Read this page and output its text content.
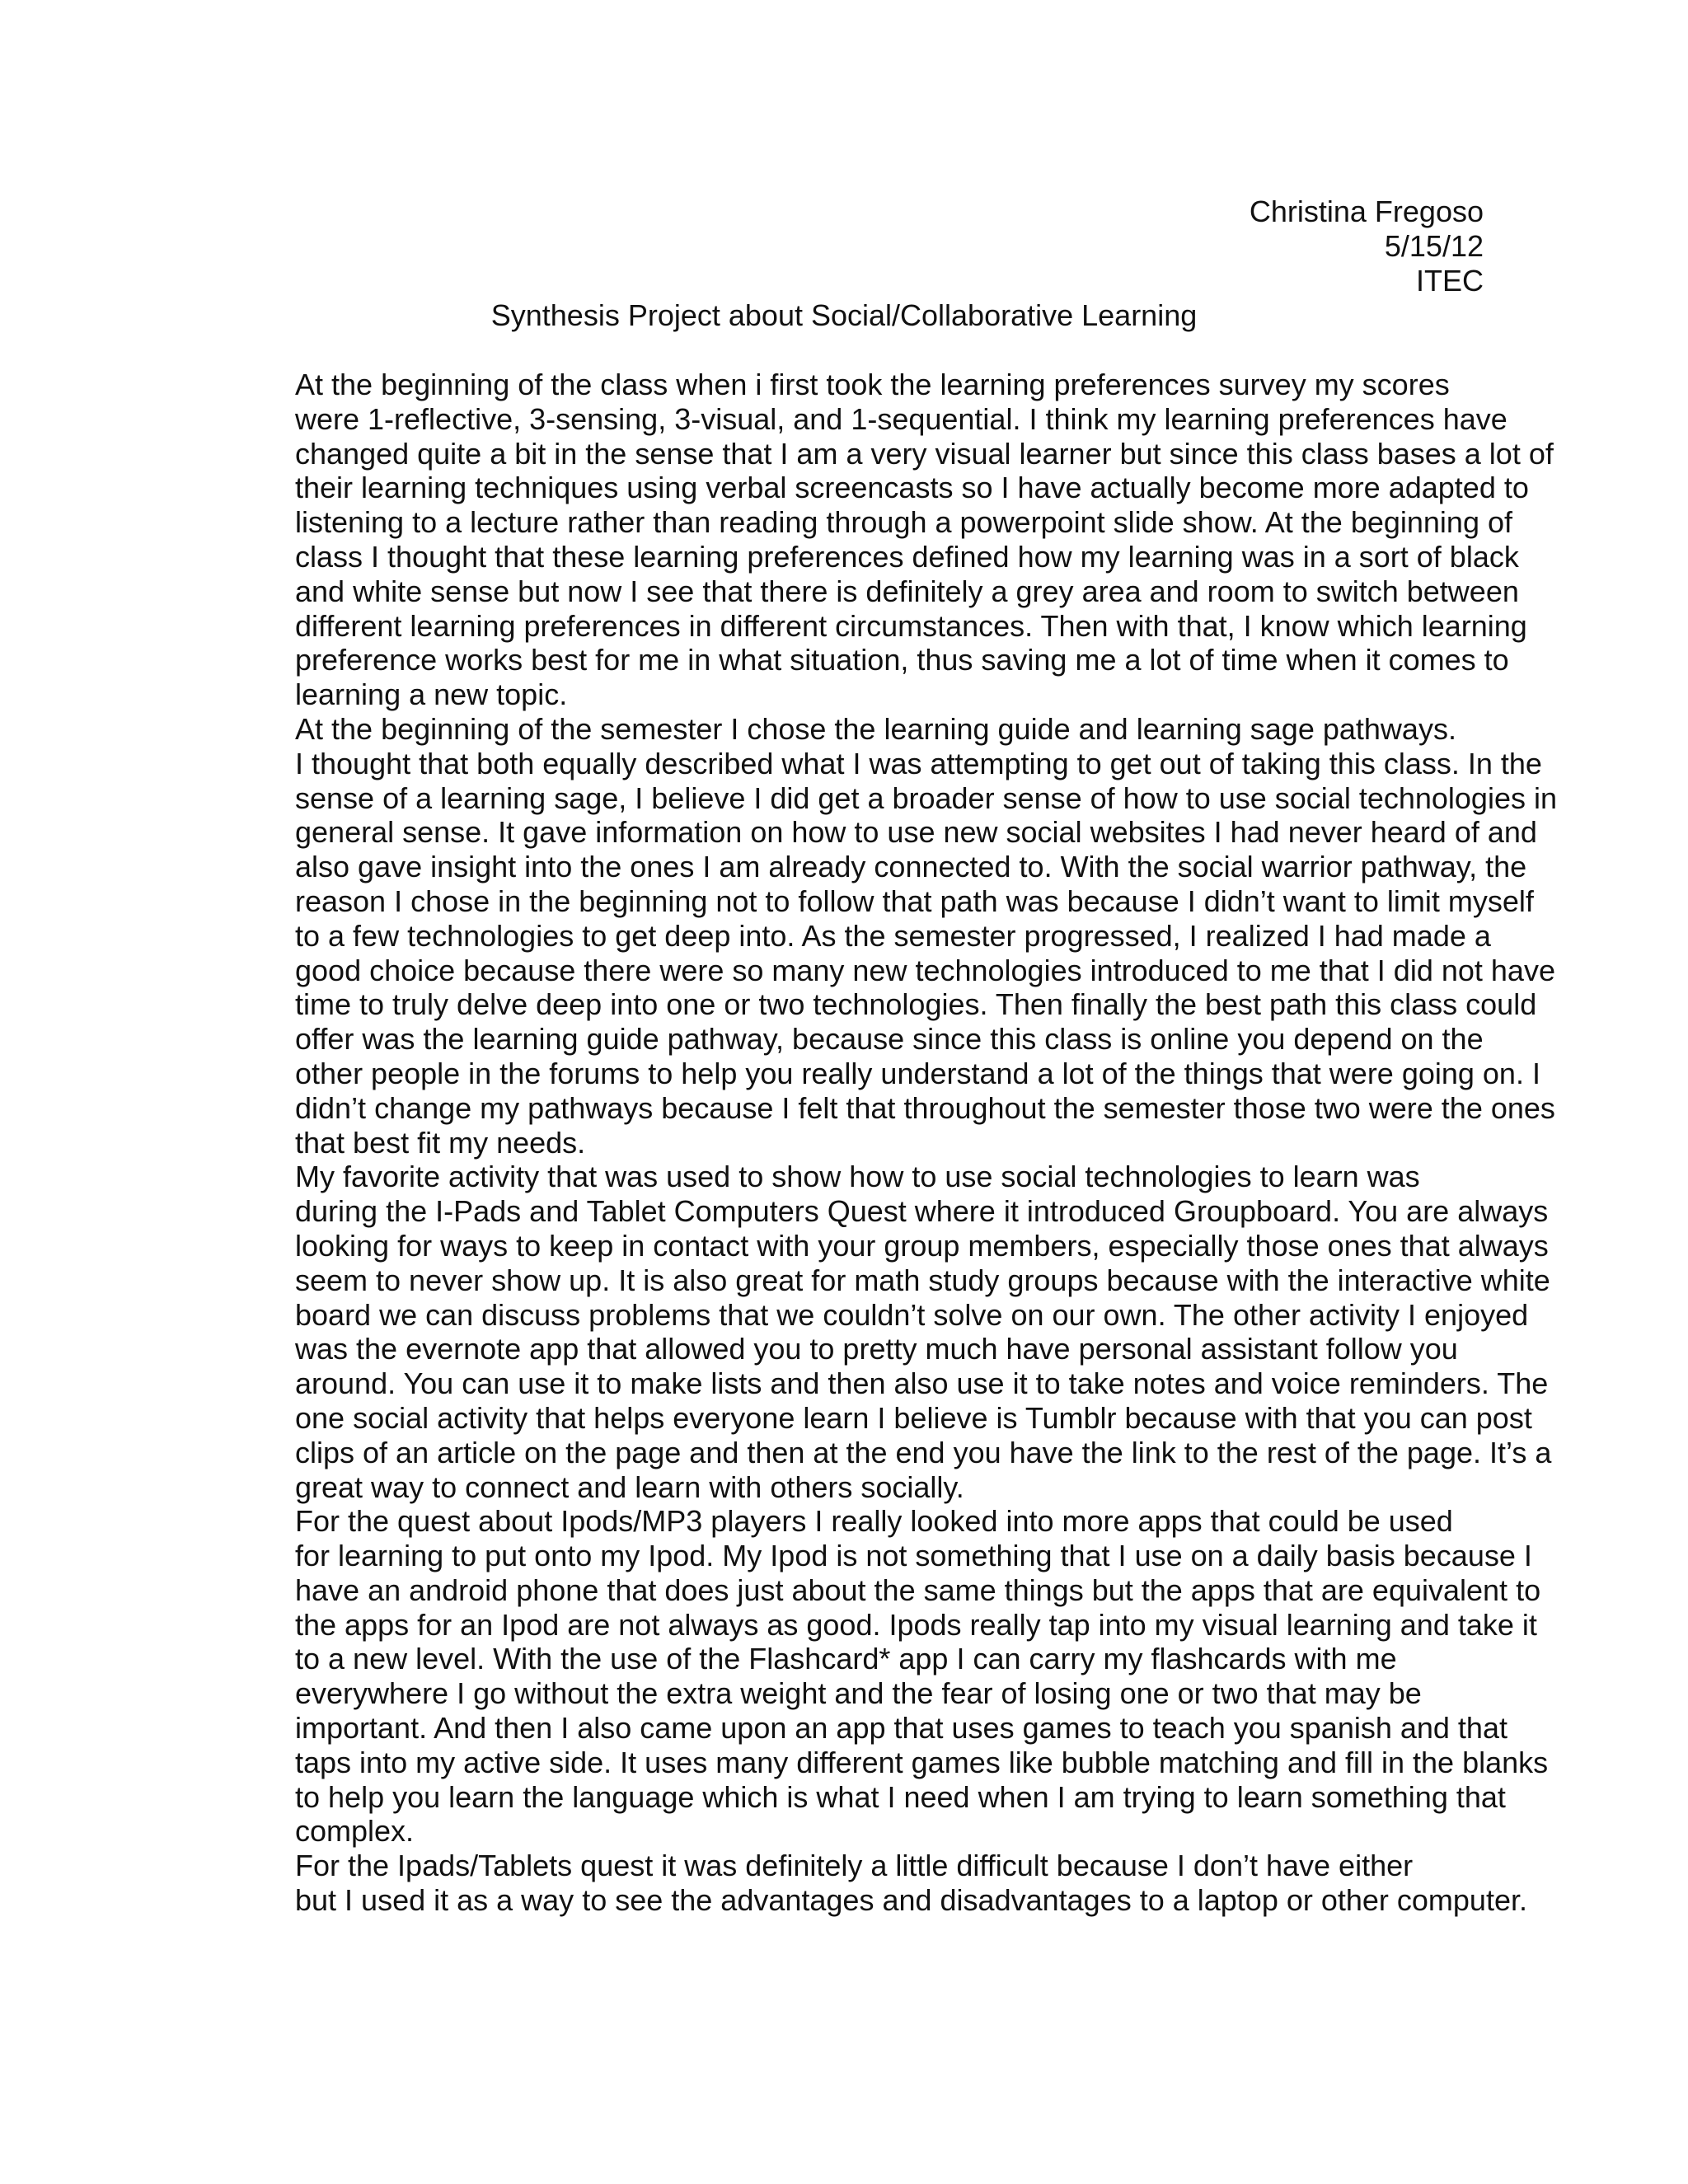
Christina Fregoso
5/15/12
ITEC
Synthesis Project about Social/Collaborative Learning

At the beginning of the class when i first took the learning preferences survey my scores
were 1-reflective, 3-sensing, 3-visual, and 1-sequential. I think my learning preferences have
changed quite a bit in the sense that I am a very visual learner but since this class bases a lot of
their learning techniques using verbal screencasts so I have actually become more adapted to
listening to a lecture rather than reading through a powerpoint slide show. At the beginning of
class I thought that these learning preferences defined how my learning was in a sort of black
and white sense but now I see that there is definitely a grey area and room to switch between
different learning preferences in different circumstances. Then with that, I know which learning
preference works best for me in what situation, thus saving me a lot of time when it comes to
learning a new topic.

At the beginning of the semester I chose the learning guide and learning sage pathways.
I thought that both equally described what I was attempting to get out of taking this class. In the
sense of a learning sage, I believe I did get a broader sense of how to use social technologies in
general sense. It gave information on how to use new social websites I had never heard of and
also gave insight into the ones I am already connected to. With the social warrior pathway, the
reason I chose in the beginning not to follow that path was because I didn’t want to limit myself
to a few technologies to get deep into. As the semester progressed, I realized I had made a
good choice because there were so many new technologies introduced to me that I did not have
time to truly delve deep into one or two technologies. Then finally the best path this class could
offer was the learning guide pathway, because since this class is online you depend on the
other people in the forums to help you really understand a lot of the things that were going on. I
didn’t change my pathways because I felt that throughout the semester those two were the ones
that best fit my needs.

My favorite activity that was used to show how to use social technologies to learn was
during the I-Pads and Tablet Computers Quest where it introduced Groupboard. You are always
looking for ways to keep in contact with your group members, especially those ones that always
seem to never show up. It is also great for math study groups because with the interactive white
board we can discuss problems that we couldn’t solve on our own. The other activity I enjoyed
was the evernote app that allowed you to pretty much have personal assistant follow you
around. You can use it to make lists and then also use it to take notes and voice reminders. The
one social activity that helps everyone learn I believe is Tumblr because with that you can post
clips of an article on the page and then at the end you have the link to the rest of the page. It’s a
great way to connect and learn with others socially.

For the quest about Ipods/MP3 players I really looked into more apps that could be used
for learning to put onto my Ipod. My Ipod is not something that I use on a daily basis because I
have an android phone that does just about the same things but the apps that are equivalent to
the apps for an Ipod are not always as good. Ipods really tap into my visual learning and take it
to a new level. With the use of the Flashcard* app I can carry my flashcards with me
everywhere I go without the extra weight and the fear of losing one or two that may be
important. And then I also came upon an app that uses games to teach you spanish and that
taps into my active side. It uses many different games like bubble matching and fill in the blanks
to help you learn the language which is what I need when I am trying to learn something that
complex.

For the Ipads/Tablets quest it was definitely a little difficult because I don’t have either
but I used it as a way to see the advantages and disadvantages to a laptop or other computer.
